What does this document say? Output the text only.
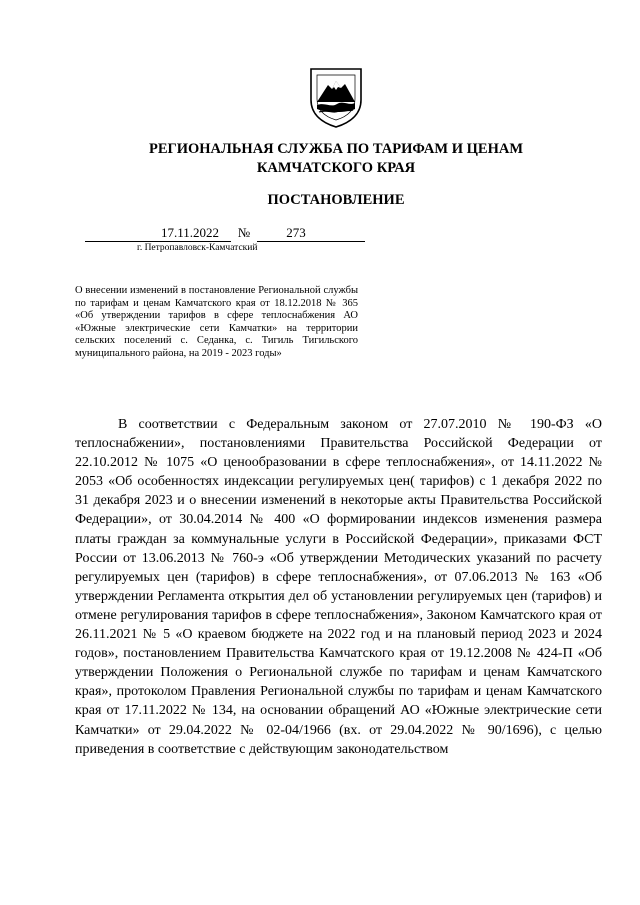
РЕГИОНАЛЬНАЯ СЛУЖБА ПО ТАРИФАМ И ЦЕНАМ
КАМЧАТСКОГО КРАЯ
ПОСТАНОВЛЕНИЕ
17.11.2022	№	273
г. Петропавловск-Камчатский

О внесении изменений в постановление Региональной службы по тарифам и ценам Камчатского края от 18.12.2018 № 365 «Об утверждении тарифов в сфере теплоснабжения АО «Южные электрические сети Камчатки» на территории сельских поселений с. Седанка, с. Тигиль Тигильского муниципального района, на 2019 - 2023 годы»

В соответствии с Федеральным законом от 27.07.2010 № 190-ФЗ «О теплоснабжении», постановлениями Правительства Российской Федерации от 22.10.2012 № 1075 «О ценообразовании в сфере теплоснабжения», от 14.11.2022 № 2053 «Об особенностях индексации регулируемых цен( тарифов) с 1 декабря 2022 по 31 декабря 2023 и о внесении изменений в некоторые акты Правительства Российской Федерации», от 30.04.2014 № 400 «О формировании индексов изменения размера платы граждан за коммунальные услуги в Российской Федерации», приказами ФСТ России от 13.06.2013 № 760-э «Об утверждении Методических указаний по расчету регулируемых цен (тарифов) в сфере теплоснабжения», от 07.06.2013 № 163 «Об утверждении Регламента открытия дел об установлении регулируемых цен (тарифов) и отмене регулирования тарифов в сфере теплоснабжения», Законом Камчатского края от 26.11.2021 № 5 «О краевом бюджете на 2022 год и на плановый период 2023 и 2024 годов», постановлением Правительства Камчатского края от 19.12.2008 № 424-П «Об утверждении Положения о Региональной службе по тарифам и ценам Камчатского края», протоколом Правления Региональной службы по тарифам и ценам Камчатского края от 17.11.2022 № 134, на основании обращений АО «Южные электрические сети Камчатки» от 29.04.2022 № 02-04/1966 (вх. от 29.04.2022 № 90/1696), с целью приведения в соответствие с действующим законодательством
